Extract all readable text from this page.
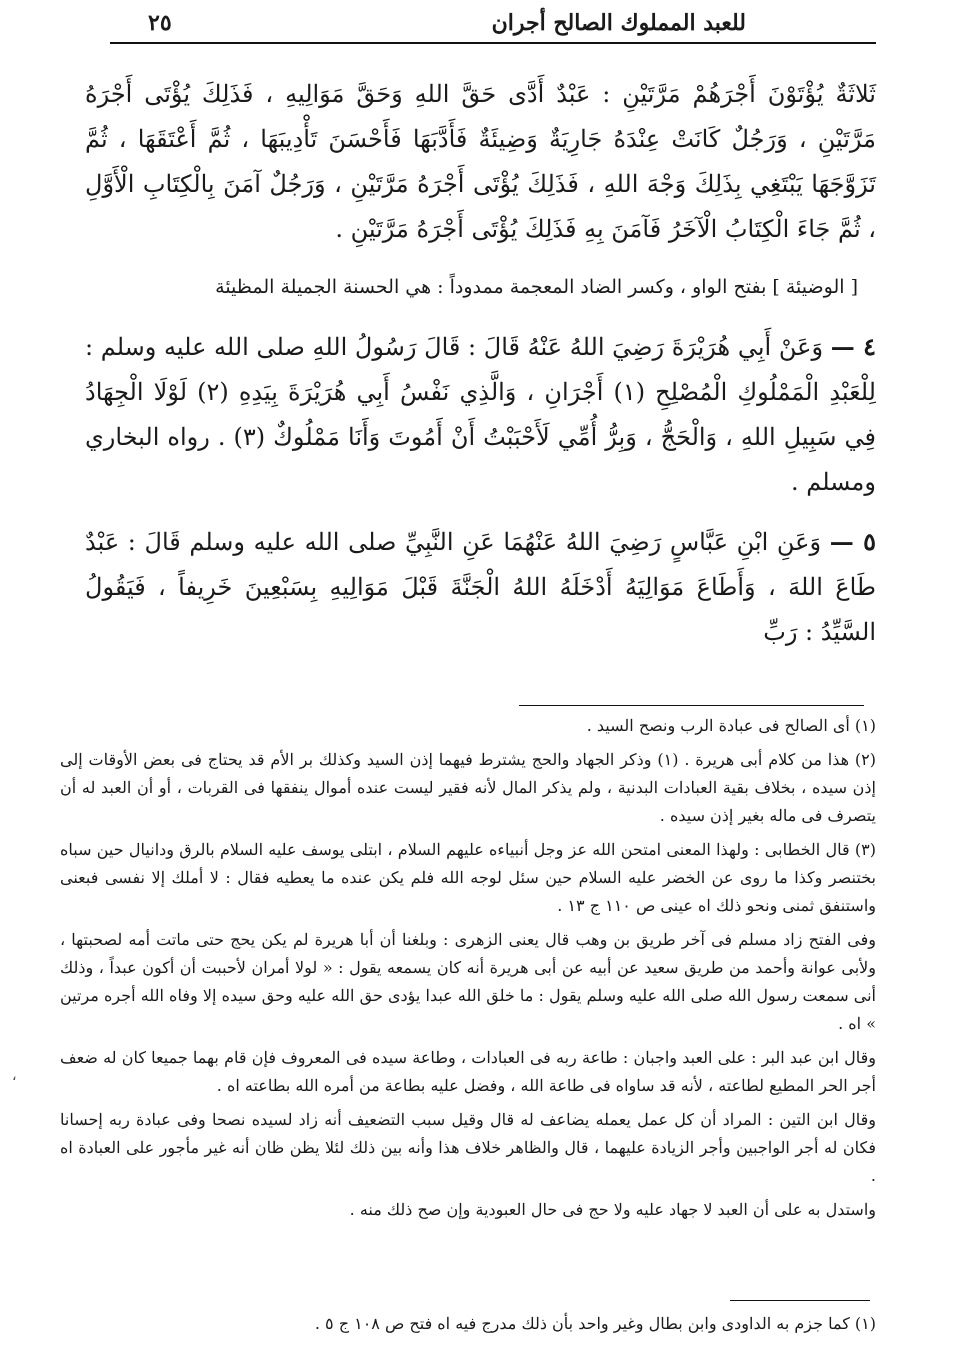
للعبد المملوك الصالح أجران
٢٥

ثَلاثَةٌ يُؤْتَوْنَ أَجْرَهُمْ مَرَّتَيْنِ : عَبْدٌ أَدَّى حَقَّ اللهِ وَحَقَّ مَوَالِيهِ ، فَذَلِكَ يُؤْتَى أَجْرَهُ مَرَّتَيْنِ ، وَرَجُلٌ كَانَتْ عِنْدَهُ جَارِيَةٌ وَضِيئَةٌ فَأَدَّبَهَا فَأَحْسَنَ تَأْدِيبَهَا ، ثُمَّ أَعْتَقَهَا ، ثُمَّ تَزَوَّجَهَا يَبْتَغِي بِذَلِكَ وَجْهَ اللهِ ، فَذَلِكَ يُؤْتَى أَجْرَهُ مَرَّتَيْنِ ، وَرَجُلٌ آمَنَ بِالْكِتَابِ الْأَوَّلِ ، ثُمَّ جَاءَ الْكِتَابُ الْآخَرُ فَآمَنَ بِهِ فَذَلِكَ يُؤْتَى أَجْرَهُ مَرَّتَيْنِ .

[ الوضيئة ] بفتح الواو ، وكسر الضاد المعجمة ممدوداً : هي الحسنة الجميلة المظيئة

٤ — وَعَنْ أَبِي هُرَيْرَةَ رَضِيَ اللهُ عَنْهُ قَالَ : قَالَ رَسُولُ اللهِ صلى الله عليه وسلم : لِلْعَبْدِ الْمَمْلُوكِ الْمُصْلِحِ (١) أَجْرَانِ ، وَالَّذِي نَفْسُ أَبِي هُرَيْرَةَ بِيَدِهِ (٢) لَوْلَا الْجِهَادُ فِي سَبِيلِ اللهِ ، وَالْحَجُّ ، وَبِرُّ أُمِّي لَأَحْبَبْتُ أَنْ أَمُوتَ وَأَنَا مَمْلُوكٌ (٣) . رواه البخاري ومسلم .

٥ — وَعَنِ ابْنِ عَبَّاسٍ رَضِيَ اللهُ عَنْهُمَا عَنِ النَّبِيِّ صلى الله عليه وسلم قَالَ : عَبْدٌ طَاعَ اللهَ ، وَأَطَاعَ مَوَالِيَهُ أَدْخَلَهُ اللهُ الْجَنَّةَ قَبْلَ مَوَالِيهِ بِسَبْعِينَ خَرِيفاً ، فَيَقُولُ السَّيِّدُ : رَبِّ

(١) أى الصالح فى عبادة الرب ونصح السيد .

(٢) هذا من كلام أبى هريرة . (١) وذكر الجهاد والحج يشترط فيهما إذن السيد وكذلك بر الأم قد يحتاج فى بعض الأوقات إلى إذن سيده ، بخلاف بقية العبادات البدنية ، ولم يذكر المال لأنه فقير ليست عنده أموال ينفقها فى القربات ، أو أن العبد له أن يتصرف فى ماله بغير إذن سيده .

(٣) قال الخطابى : ولهذا المعنى امتحن الله عز وجل أنبياءه عليهم السلام ، ابتلى يوسف عليه السلام بالرق ودانيال حين سباه بختنصر وكذا ما روى عن الخضر عليه السلام حين سئل لوجه الله فلم يكن عنده ما يعطيه فقال : لا أملك إلا نفسى فبعنى واستنفق ثمنى ونحو ذلك اه عينى ص ١١٠ ج ١٣ .

وفى الفتح زاد مسلم فى آخر طريق بن وهب قال يعنى الزهرى : وبلغنا أن أبا هريرة لم يكن يحج حتى ماتت أمه لصحبتها ، ولأبى عوانة وأحمد من طريق سعيد عن أبيه عن أبى هريرة أنه كان يسمعه يقول : « لولا أمران لأحببت أن أكون عبداً ، وذلك أنى سمعت رسول الله صلى الله عليه وسلم يقول : ما خلق الله عبدا يؤدى حق الله عليه وحق سيده إلا وفاه الله أجره مرتين » اه .

وقال ابن عبد البر : على العبد واجبان : طاعة ربه فى العبادات ، وطاعة سيده فى المعروف فإن قام بهما جميعا كان له ضعف أجر الحر المطيع لطاعته ، لأنه قد ساواه فى طاعة الله ، وفضل عليه بطاعة من أمره الله بطاعته اه .

وقال ابن التين : المراد أن كل عمل يعمله يضاعف له قال وقيل سبب التضعيف أنه زاد لسيده نصحا وفى عبادة ربه إحسانا فكان له أجر الواجبين وأجر الزيادة عليهما ، قال والظاهر خلاف هذا وأنه بين ذلك لئلا يظن ظان أنه غير مأجور على العبادة اه .

واستدل به على أن العبد لا جهاد عليه ولا حج فى حال العبودية وإن صح ذلك منه .

(١) كما جزم به الداودى وابن بطال وغير واحد بأن ذلك مدرج فيه اه فتح ص ١٠٨ ج ٥ .
،
